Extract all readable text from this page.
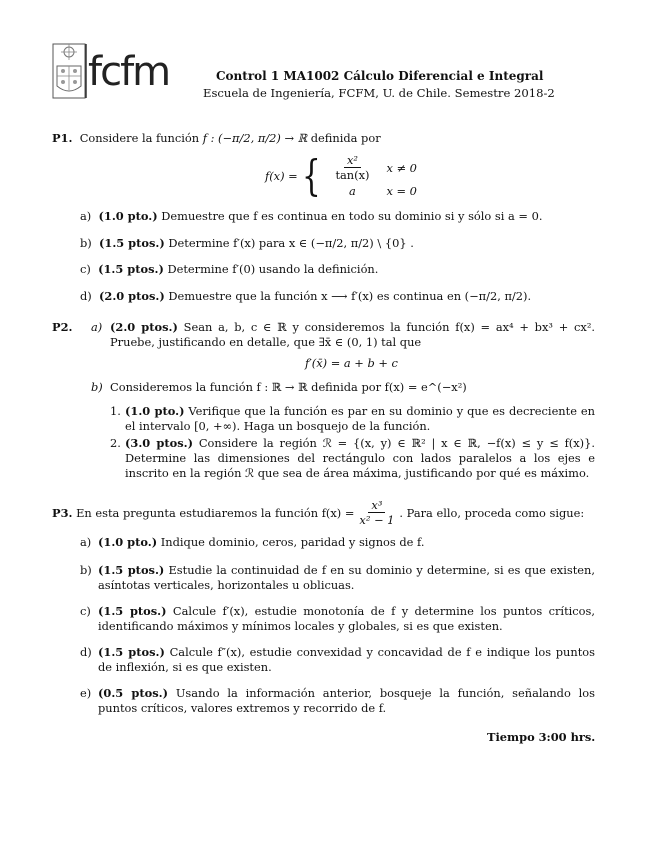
fcfm	Control 1 MA1002 Cálculo Diferencial e Integral
Escuela de Ingeniería, FCFM, U. de Chile. Semestre 2018-2
P1. Considere la función f : (−π/2, π/2) → ℝ definida por
f(x) = { $\frac{\text{x²}}{\tan(x)}$	x ≠ 0
a	x = 0
a) (1.0 pto.) Demuestre que f es continua en todo su dominio si y sólo si a = 0.
b) (1.5 ptos.) Determine f′(x) para x ∈ (−π/2, π/2) \ {0} .
c) (1.5 ptos.) Determine f′(0) usando la definición.
d) (2.0 ptos.) Demuestre que la función x ⟶ f′(x) es continua en (−π/2, π/2).
P2. a) (2.0 ptos.) Sean a, b, c ∈ ℝ y consideremos la función f(x) = ax⁴ + bx³ + cx². Pruebe, justificando en detalle, que ∃x̄ ∈ (0, 1) tal que
f′(x̄) = a + b + c
b) Consideremos la función f : ℝ → ℝ definida por f(x) = e^(−x²)
1. (1.0 pto.) Verifique que la función es par en su dominio y que es decreciente en el intervalo [0, +∞). Haga un bosquejo de la función.
2. (3.0 ptos.) Considere la región ℛ = {(x, y) ∈ ℝ² | x ∈ ℝ, −f(x) ≤ y ≤ f(x)}. Determine las dimensiones del rectángulo con lados paralelos a los ejes e inscrito en la región ℛ que sea de área máxima, justificando por qué es máximo.
P3.
En esta pregunta estudiaremos la función $f(x) = \frac{\text{x³}}{\text{x² − 1}}$ . Para ello, proceda como sigue:
a) (1.0 pto.) Indique dominio, ceros, paridad y signos de f.
b) (1.5 ptos.) Estudie la continuidad de f en su dominio y determine, si es que existen, asíntotas verticales, horizontales u oblicuas.
c) (1.5 ptos.) Calcule f′(x), estudie monotonía de f y determine los puntos críticos, identificando máximos y mínimos locales y globales, si es que existen.
d) (1.5 ptos.) Calcule f″(x), estudie convexidad y concavidad de f e indique los puntos de inflexión, si es que existen.
e) (0.5 ptos.) Usando la información anterior, bosqueje la función, señalando los puntos críticos, valores extremos y recorrido de f.
Tiempo 3:00 hrs.
